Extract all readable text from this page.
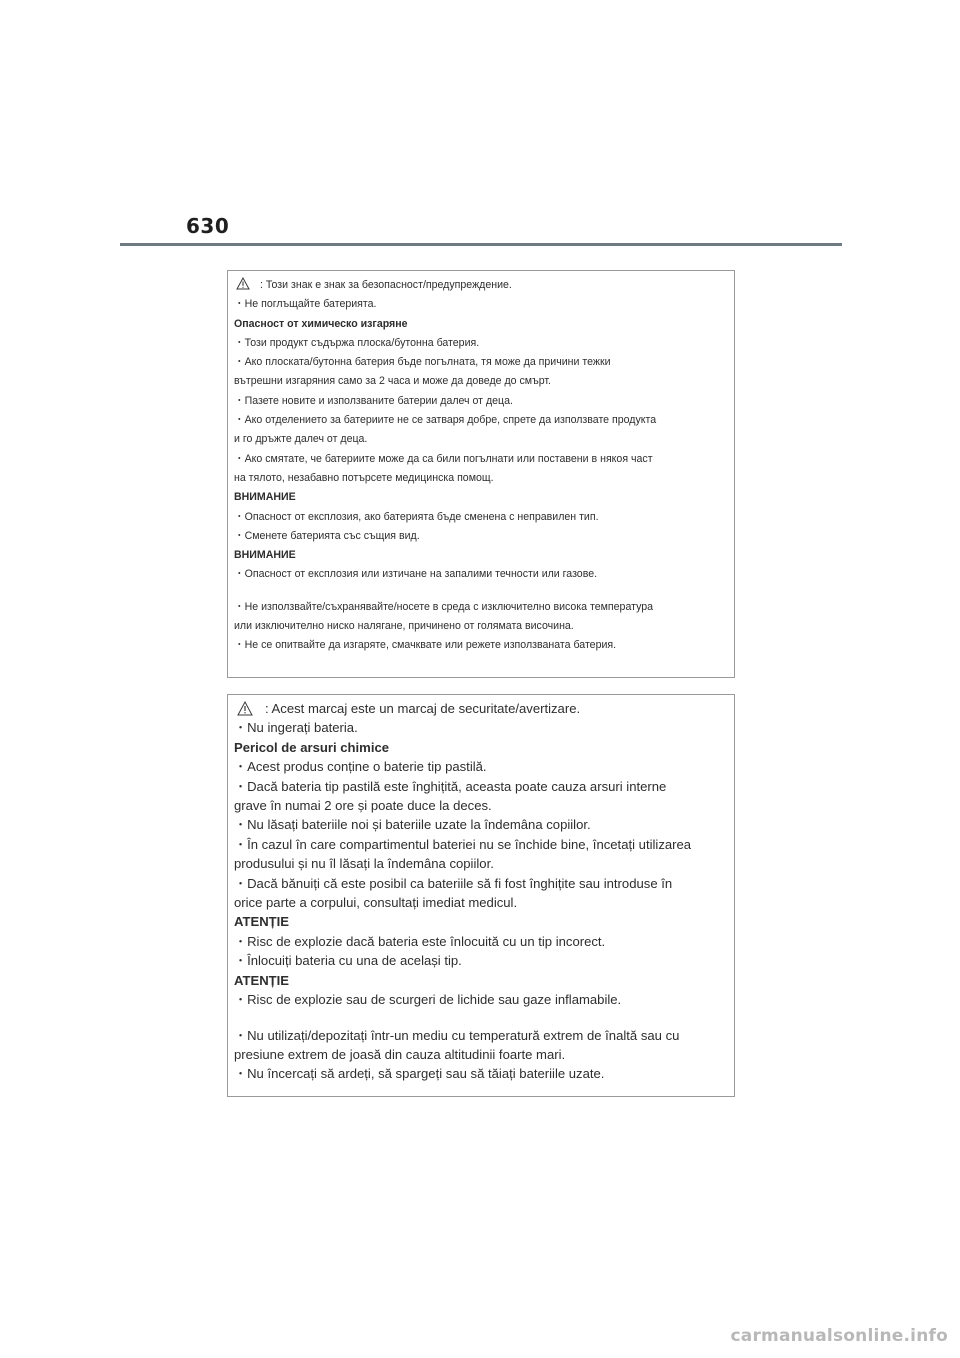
630
: Този знак е знак за безопасност/предупреждение.
・Не поглъщайте батерията.
Опасност от химическо изгаряне
・Този продукт съдържа плоска/бутонна батерия.
・Ако плоската/бутонна батерия бъде погълната, тя може да причини тежки
вътрешни изгаряния само за 2 часа и може да доведе до смърт.
・Пазете новите и използваните батерии далеч от деца.
・Ако отделението за батериите не се затваря добре, спрете да използвате продукта
и го дръжте далеч от деца.
・Ако смятате, че батериите може да са били погълнати или поставени в някоя част
на тялото, незабавно потърсете медицинска помощ.
ВНИМАНИЕ
・Опасност от експлозия, ако батерията бъде сменена с неправилен тип.
・Сменете батерията със същия вид.
ВНИМАНИЕ
・Опасност от експлозия или изтичане на запалими течности или газове.
・Не използвайте/съхранявайте/носете в среда с изключително висока температура
или изключително ниско налягане, причинено от голямата височина.
・Не се опитвайте да изгаряте, смачквате или режете използваната батерия.
: Acest marcaj este un marcaj de securitate/avertizare.
・Nu ingerați bateria.
Pericol de arsuri chimice
・Acest produs conține o baterie tip pastilă.
・Dacă bateria tip pastilă este înghițită, aceasta poate cauza arsuri interne
grave în numai 2 ore și poate duce la deces.
・Nu lăsați bateriile noi și bateriile uzate la îndemâna copiilor.
・În cazul în care compartimentul bateriei nu se închide bine, încetați utilizarea
produsului și nu îl lăsați la îndemâna copiilor.
・Dacă bănuiți că este posibil ca bateriile să fi fost înghițite sau introduse în
orice parte a corpului, consultați imediat medicul.
ATENȚIE
・Risc de explozie dacă bateria este înlocuită cu un tip incorect.
・Înlocuiți bateria cu una de același tip.
ATENȚIE
・Risc de explozie sau de scurgeri de lichide sau gaze inflamabile.
・Nu utilizați/depozitați într-un mediu cu temperatură extrem de înaltă sau cu
presiune extrem de joasă din cauza altitudinii foarte mari.
・Nu încercați să ardeți, să spargeți sau să tăiați bateriile uzate.
carmanualsonline.info
